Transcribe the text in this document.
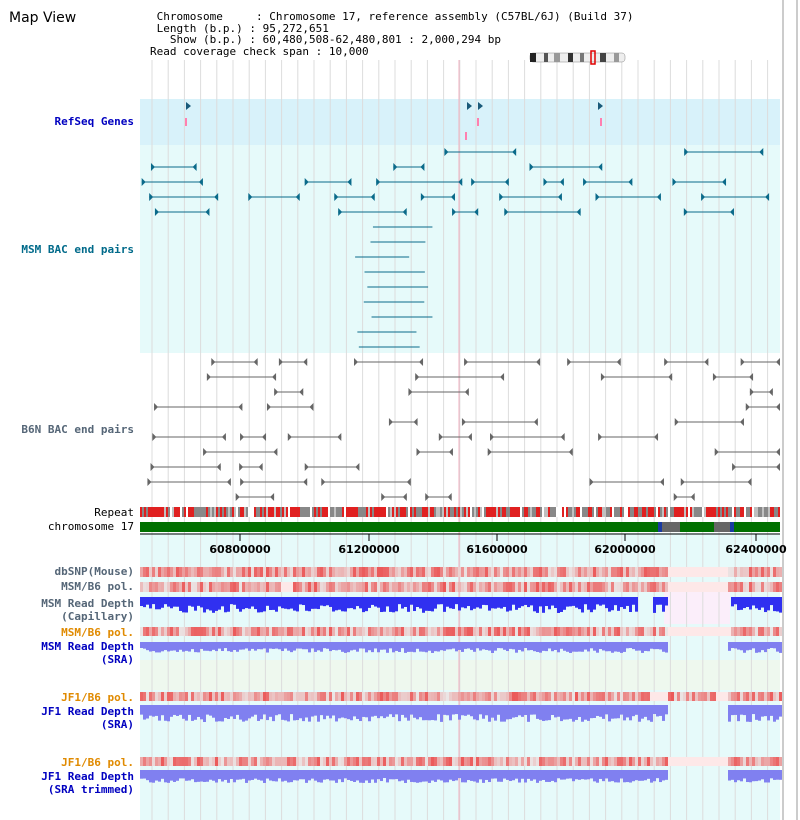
Map View	Chromosome     : Chromosome 17, reference assembly (C57BL/6J) (Build 37)
Length (b.p.) : 95,272,651
Show (b.p.) : 60,480,508-62,480,801 : 2,000,294 bp
Read coverage check span : 10,000
RefSeq Genes
MSM BAC end pairs
B6N BAC end pairs
Repeat
chromosome 17
dbSNP(Mouse)
MSM/B6 pol.
MSM Read Depth
(Capillary)
MSM/B6 pol.
MSM Read Depth
(SRA)
JF1/B6 pol.
JF1 Read Depth
(SRA)
JF1/B6 pol.
JF1 Read Depth
(SRA trimmed)
60800000	61200000	61600000	62000000	62400000
